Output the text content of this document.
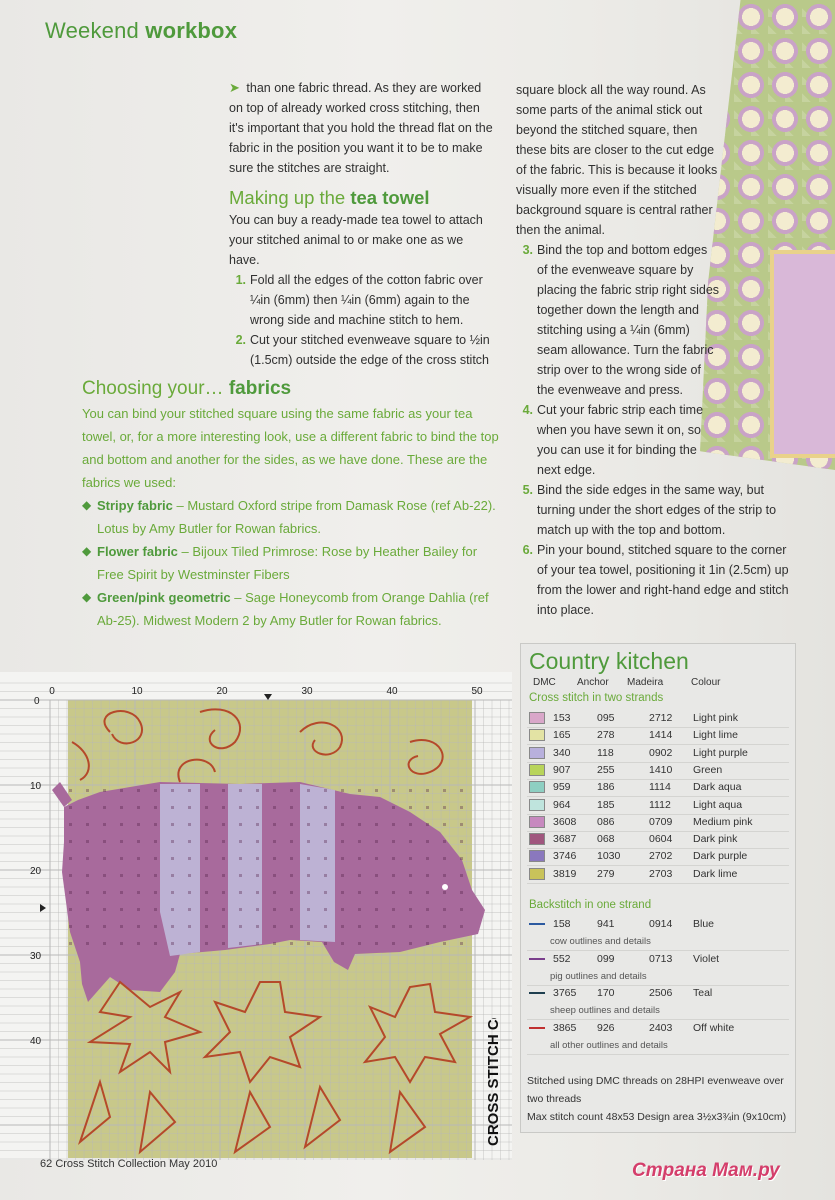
Weekend workbox

➤ than one fabric thread. As they are worked on top of already worked cross stitching, then it's important that you hold the thread flat on the fabric in the position you want it to be to make sure the stitches are straight.

Making up the tea towel

You can buy a ready-made tea towel to attach your stitched animal to or make one as we have.

1. Fold all the edges of the cotton fabric over ¼in (6mm) then ¼in (6mm) again to the wrong side and machine stitch to hem.
2. Cut your stitched evenweave square to ½in (1.5cm) outside the edge of the cross stitch

square block all the way round. As some parts of the animal stick out beyond the stitched square, then these bits are closer to the cut edge of the fabric. This is because it looks visually more even if the stitched background square is central rather then the animal.

3. Bind the top and bottom edges of the evenweave square by placing the fabric strip right sides together down the length and stitching using a ¼in (6mm) seam allowance. Turn the fabric strip over to the wrong side of the evenweave and press.
4. Cut your fabric strip each time when you have sewn it on, so you can use it for binding the next edge.
5. Bind the side edges in the same way, but turning under the short edges of the strip to match up with the top and bottom.
6. Pin your bound, stitched square to the corner of your tea towel, positioning it 1in (2.5cm) up from the lower and right-hand edge and stitch into place.
Choosing your… fabrics
You can bind your stitched square using the same fabric as your tea towel, or, for a more interesting look, use a different fabric to bind the top and bottom and another for the sides, as we have done. These are the fabrics we used:
◆ Stripy fabric – Mustard Oxford stripe from Damask Rose (ref Ab-22). Lotus by Amy Butler for Rowan fabrics.
◆ Flower fabric – Bijoux Tiled Primrose: Rose by Heather Bailey for Free Spirit by Westminster Fibers
◆ Green/pink geometric – Sage Honeycomb from Orange Dahlia (ref Ab-25). Midwest Modern 2 by Amy Butler for Rowan fabrics.
0	10	20	30	40	50
0
10
20
30
40	CROSS STITCH Collection
Country kitchen
DMC Anchor Madeira	Colour
Cross stitch in two strands
153	095	2712 Light pink
165	278	1414 Light lime
340	118	0902 Light purple
907	255	1410 Green
959	186	1114 Dark aqua
964	185	1112 Light aqua
3608 086	0709 Medium pink
3687 068	0604 Dark pink
3746 1030	2702 Dark purple
3819 279	2703 Dark lime
Backstitch in one strand
158	941	0914 Blue
cow outlines and details
552	099	0713 Violet
pig outlines and details
3765 170	2506 Teal
sheep outlines and details
3865 926	2403 Off white
all other outlines and details
Stitched using DMC threads on 28HPI evenweave over two threads
Max stitch count 48x53 Design area 3½x3¾in (9x10cm)
62 Cross Stitch Collection May 2010	Страна Мам.ру
